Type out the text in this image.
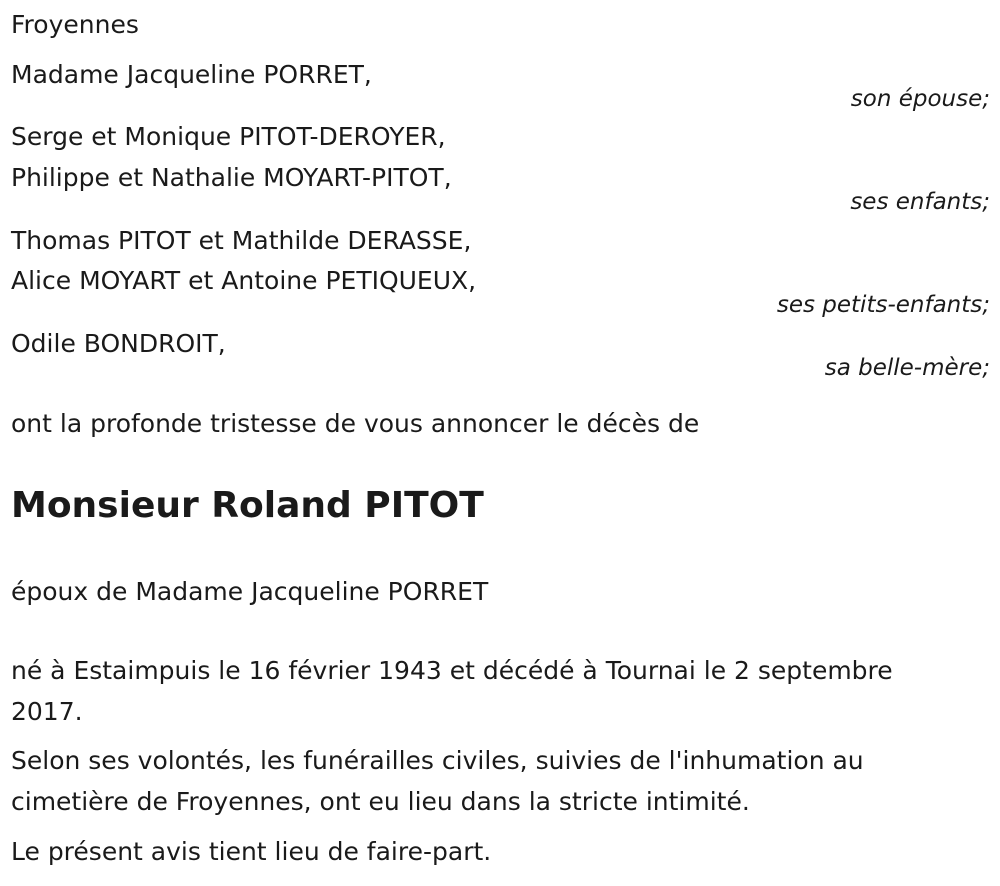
Froyennes
Madame Jacqueline PORRET,
son épouse;
Serge et Monique PITOT-DEROYER,
Philippe et Nathalie MOYART-PITOT,
ses enfants;
Thomas PITOT et Mathilde DERASSE,
Alice MOYART et Antoine PETIQUEUX,
ses petits-enfants;
Odile BONDROIT,
sa belle-mère;
ont la profonde tristesse de vous annoncer le décès de
Monsieur Roland PITOT
époux de Madame Jacqueline PORRET
né à Estaimpuis le 16 février 1943 et décédé à Tournai le 2 septembre
2017.
Selon ses volontés, les funérailles civiles, suivies de l'inhumation au
cimetière de Froyennes, ont eu lieu dans la stricte intimité.
Le présent avis tient lieu de faire-part.
